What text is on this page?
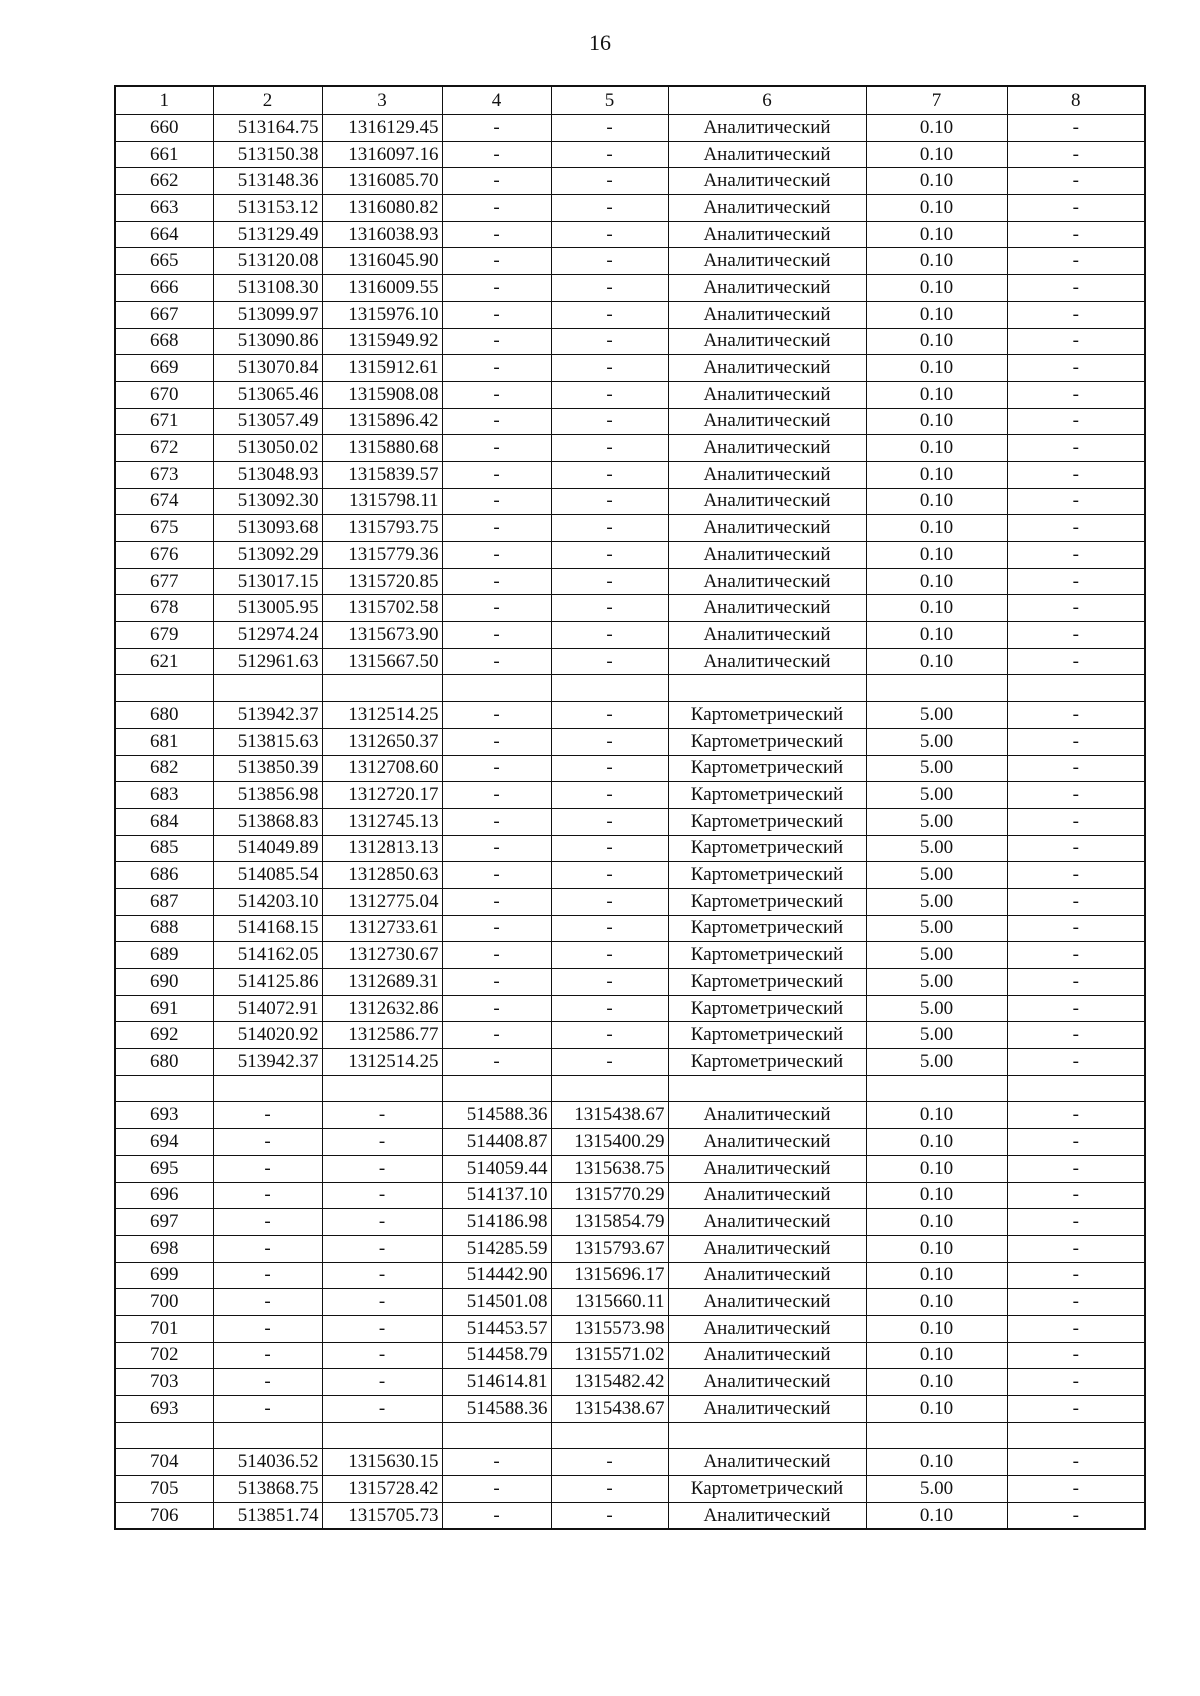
16
1	2	3	4	5	6	7	8
660	513164.75	1316129.45	-	-	Аналитический	0.10	-
661	513150.38	1316097.16	-	-	Аналитический	0.10	-
662	513148.36	1316085.70	-	-	Аналитический	0.10	-
663	513153.12	1316080.82	-	-	Аналитический	0.10	-
664	513129.49	1316038.93	-	-	Аналитический	0.10	-
665	513120.08	1316045.90	-	-	Аналитический	0.10	-
666	513108.30	1316009.55	-	-	Аналитический	0.10	-
667	513099.97	1315976.10	-	-	Аналитический	0.10	-
668	513090.86	1315949.92	-	-	Аналитический	0.10	-
669	513070.84	1315912.61	-	-	Аналитический	0.10	-
670	513065.46	1315908.08	-	-	Аналитический	0.10	-
671	513057.49	1315896.42	-	-	Аналитический	0.10	-
672	513050.02	1315880.68	-	-	Аналитический	0.10	-
673	513048.93	1315839.57	-	-	Аналитический	0.10	-
674	513092.30	1315798.11	-	-	Аналитический	0.10	-
675	513093.68	1315793.75	-	-	Аналитический	0.10	-
676	513092.29	1315779.36	-	-	Аналитический	0.10	-
677	513017.15	1315720.85	-	-	Аналитический	0.10	-
678	513005.95	1315702.58	-	-	Аналитический	0.10	-
679	512974.24	1315673.90	-	-	Аналитический	0.10	-
621	512961.63	1315667.50	-	-	Аналитический	0.10	-

680	513942.37	1312514.25	-	-	Картометрический	5.00	-
681	513815.63	1312650.37	-	-	Картометрический	5.00	-
682	513850.39	1312708.60	-	-	Картометрический	5.00	-
683	513856.98	1312720.17	-	-	Картометрический	5.00	-
684	513868.83	1312745.13	-	-	Картометрический	5.00	-
685	514049.89	1312813.13	-	-	Картометрический	5.00	-
686	514085.54	1312850.63	-	-	Картометрический	5.00	-
687	514203.10	1312775.04	-	-	Картометрический	5.00	-
688	514168.15	1312733.61	-	-	Картометрический	5.00	-
689	514162.05	1312730.67	-	-	Картометрический	5.00	-
690	514125.86	1312689.31	-	-	Картометрический	5.00	-
691	514072.91	1312632.86	-	-	Картометрический	5.00	-
692	514020.92	1312586.77	-	-	Картометрический	5.00	-
680	513942.37	1312514.25	-	-	Картометрический	5.00	-

693	-	-	514588.36	1315438.67	Аналитический	0.10	-
694	-	-	514408.87	1315400.29	Аналитический	0.10	-
695	-	-	514059.44	1315638.75	Аналитический	0.10	-
696	-	-	514137.10	1315770.29	Аналитический	0.10	-
697	-	-	514186.98	1315854.79	Аналитический	0.10	-
698	-	-	514285.59	1315793.67	Аналитический	0.10	-
699	-	-	514442.90	1315696.17	Аналитический	0.10	-
700	-	-	514501.08	1315660.11	Аналитический	0.10	-
701	-	-	514453.57	1315573.98	Аналитический	0.10	-
702	-	-	514458.79	1315571.02	Аналитический	0.10	-
703	-	-	514614.81	1315482.42	Аналитический	0.10	-
693	-	-	514588.36	1315438.67	Аналитический	0.10	-

704	514036.52	1315630.15	-	-	Аналитический	0.10	-
705	513868.75	1315728.42	-	-	Картометрический	5.00	-
706	513851.74	1315705.73	-	-	Аналитический	0.10	-
